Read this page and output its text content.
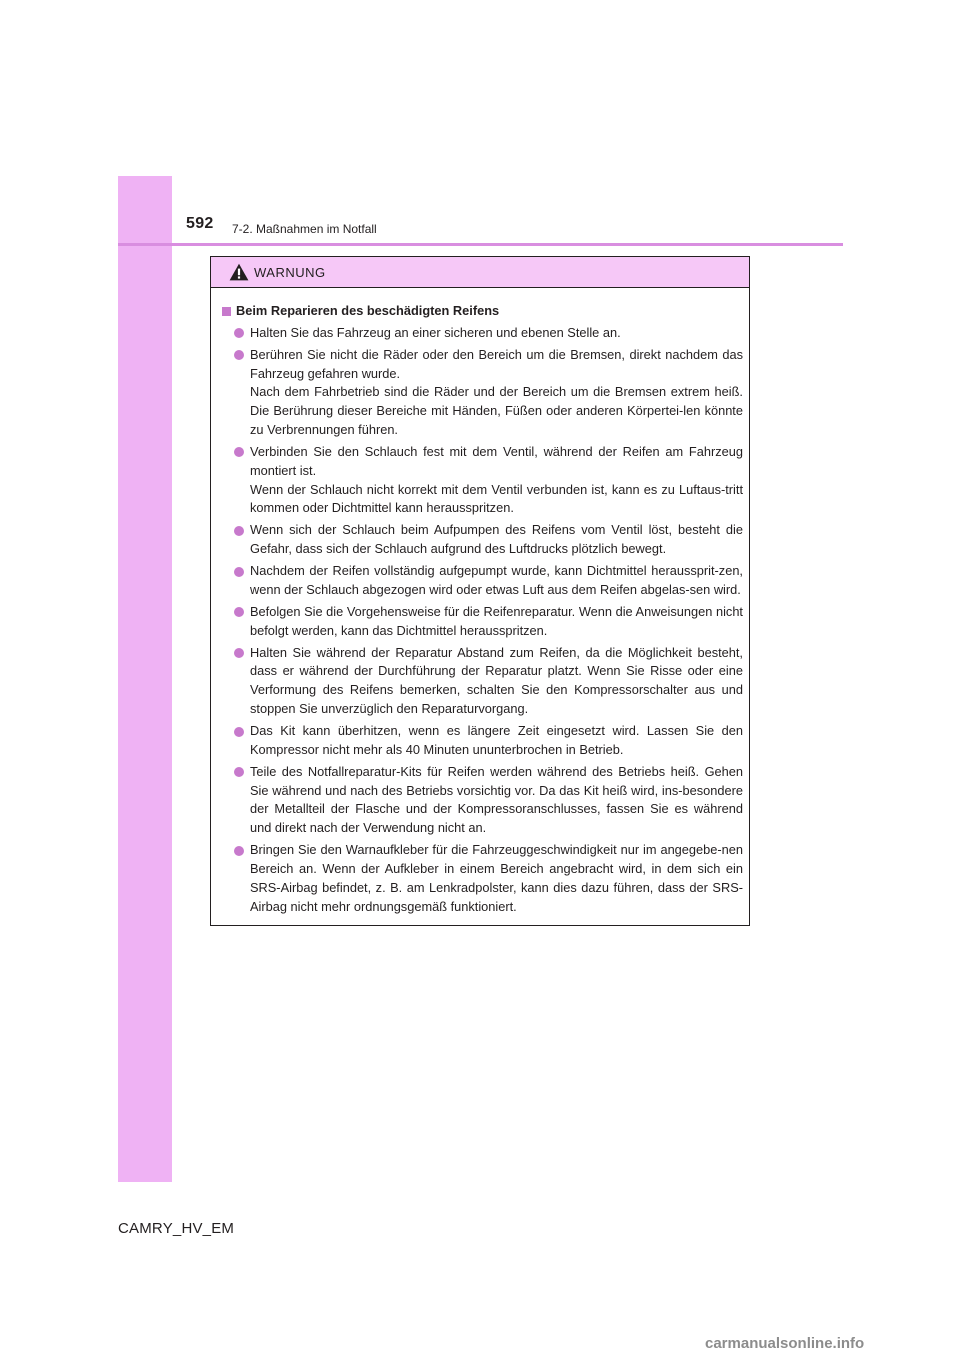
592 7-2. Maßnahmen im Notfall
WARNUNG
Beim Reparieren des beschädigten Reifens
Halten Sie das Fahrzeug an einer sicheren und ebenen Stelle an.
Berühren Sie nicht die Räder oder den Bereich um die Bremsen, direkt nachdem das Fahrzeug gefahren wurde.
Nach dem Fahrbetrieb sind die Räder und der Bereich um die Bremsen extrem heiß. Die Berührung dieser Bereiche mit Händen, Füßen oder anderen Körpertei-len könnte zu Verbrennungen führen.
Verbinden Sie den Schlauch fest mit dem Ventil, während der Reifen am Fahrzeug montiert ist.
Wenn der Schlauch nicht korrekt mit dem Ventil verbunden ist, kann es zu Luftaus-tritt kommen oder Dichtmittel kann herausspritzen.
Wenn sich der Schlauch beim Aufpumpen des Reifens vom Ventil löst, besteht die Gefahr, dass sich der Schlauch aufgrund des Luftdrucks plötzlich bewegt.
Nachdem der Reifen vollständig aufgepumpt wurde, kann Dichtmittel heraussprit-zen, wenn der Schlauch abgezogen wird oder etwas Luft aus dem Reifen abgelas-sen wird.
Befolgen Sie die Vorgehensweise für die Reifenreparatur. Wenn die Anweisungen nicht befolgt werden, kann das Dichtmittel herausspritzen.
Halten Sie während der Reparatur Abstand zum Reifen, da die Möglichkeit besteht, dass er während der Durchführung der Reparatur platzt. Wenn Sie Risse oder eine Verformung des Reifens bemerken, schalten Sie den Kompressorschalter aus und stoppen Sie unverzüglich den Reparaturvorgang.
Das Kit kann überhitzen, wenn es längere Zeit eingesetzt wird. Lassen Sie den Kompressor nicht mehr als 40 Minuten ununterbrochen in Betrieb.
Teile des Notfallreparatur-Kits für Reifen werden während des Betriebs heiß. Gehen Sie während und nach des Betriebs vorsichtig vor. Da das Kit heiß wird, ins-besondere der Metallteil der Flasche und der Kompressoranschlusses, fassen Sie es während und direkt nach der Verwendung nicht an.
Bringen Sie den Warnaufkleber für die Fahrzeuggeschwindigkeit nur im angegebe-nen Bereich an. Wenn der Aufkleber in einem Bereich angebracht wird, in dem sich ein SRS-Airbag befindet, z. B. am Lenkradpolster, kann dies dazu führen, dass der SRS-Airbag nicht mehr ordnungsgemäß funktioniert.
CAMRY_HV_EM
carmanualsonline.info
